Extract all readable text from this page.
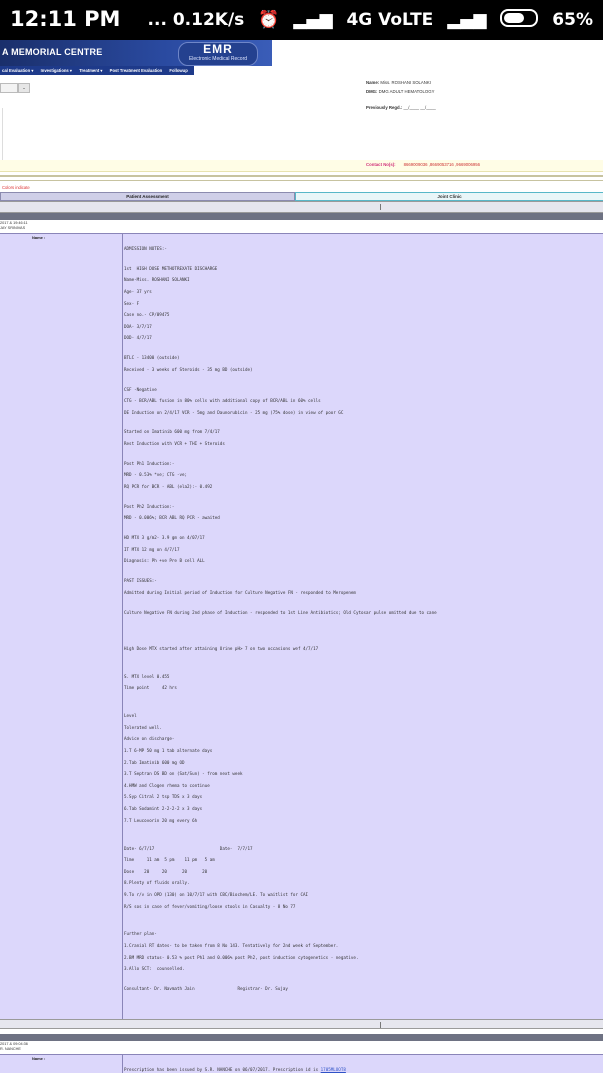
12:11 PM	... 0.12K/s ⏰ ▂▄▆ 4G VoLTE ▂▄▆	65%
A MEMORIAL CENTRE	EMR
Electronic Medical Record
cal Evaluation ▾ Investigations ▾ Treatment ▾ Post Treatment Evaluation Followup
Name: Miss. ROSHANI SOLANKI
DMG: DMG ADULT HEMATOLOGY
Previously Regd.: __/____ __/____
..
Contact No(s): 8669009036 ,8669053716 ,9669006956
Colors indicate
Patient Assessment	Joint Clinic
2017 & 19:46:11
JAY SRINIVAS
Name :
ADMISSION NOTES:-

1st  HIGH DOSE METHOTREXATE DISCHARGE
Name-Miss. ROSHANI SOLANKI
Age- 37 yrs
Sex- F
Case no.- CP/09475
DOA- 3/7/17
DOD- 4/7/17

BTLC - 13400 (outside)
Received - 3 weeks of Steroids - 35 mg BD (outside)

CSF -Negative
CTG - BCR/ABL fusion in 80% cells with additional copy of BCR/ABL in 60% cells
DE Induction on 2/4/17 VCR - 5mg and Daunorubicin - 25 mg (75% dose) in view of poor GC

Started on Imatinib 600 mg from 7/4/17
Rest Induction with VCR + THI + Steroids

Post Ph1 Induction:-
MRD - 0.53% *ve; CTG -ve;
RQ PCR for BCR - ABL (ela2):- 0.492

Post Ph2 Induction:-
MRD - 0.006%; BCR ABL RQ PCR - awaited

HD MTX 3 g/m2- 3.9 gm on 4/07/17
IT MTX 12 mg on 4/7/17
Diagnosis: Ph +ve Pre B cell ALL

PAST ISSUES:-
Admitted during Initial period of Induction for Culture Negative FN - responded to Meropenem

Culture Negative FN during 2nd phase of Induction - responded to 1st Line Antibiotics; Old Cytosar pulse omitted due to cane

High Dose MTX started after attaining Urine pH> 7 on two occasions wef 4/7/17

S. MTX level 0.455
Time point     42 hrs

Level
Tolerated well.
Advice on discharge-
1.T 6-MP 50 mg 1 tab alternate days
2.Tab Imatinib 600 mg OD
3.T Septran DS BD on (Sat/Sun) - from next week
4.HMW and Clogen rhema to continue
5.Syp Citral 2 tsp TDS x 3 days
6.Tab Sodamint 2-2-2-2 x 3 days
7.T Leucovorin 20 mg every 6h

Date- 6/7/17                          Date-  7/7/17
Time     11 am  5 pm    11 pm   5 am
Dose    20     20      20      20
8.Plenty of fluids orally.
9.To r/v in OPD (130) on 10/7/17 with CBC/Biochem/LE. To waitlist for CAI
R/S sos in case of fever/vomiting/loose stools in Casualty - 8 No 77

Further plan-
1.Cranial RT dates- to be taken from 8 No 143. Tentatively for 2nd week of September.
2.BM MRD status- 0.53 % post Ph1 and 0.006% post Ph2, post induction cytogenetics - negative.
3.Allo SCT:  counselled.

Consultant- Dr. Navmath Jain                 Registrar- Dr. Sujay
2017 & 09:04:36
R. NANCHE
Name :
Prescription has been issued by S.R. NANCHE on 06/07/2017. Prescription id is 1705MLOOT8
